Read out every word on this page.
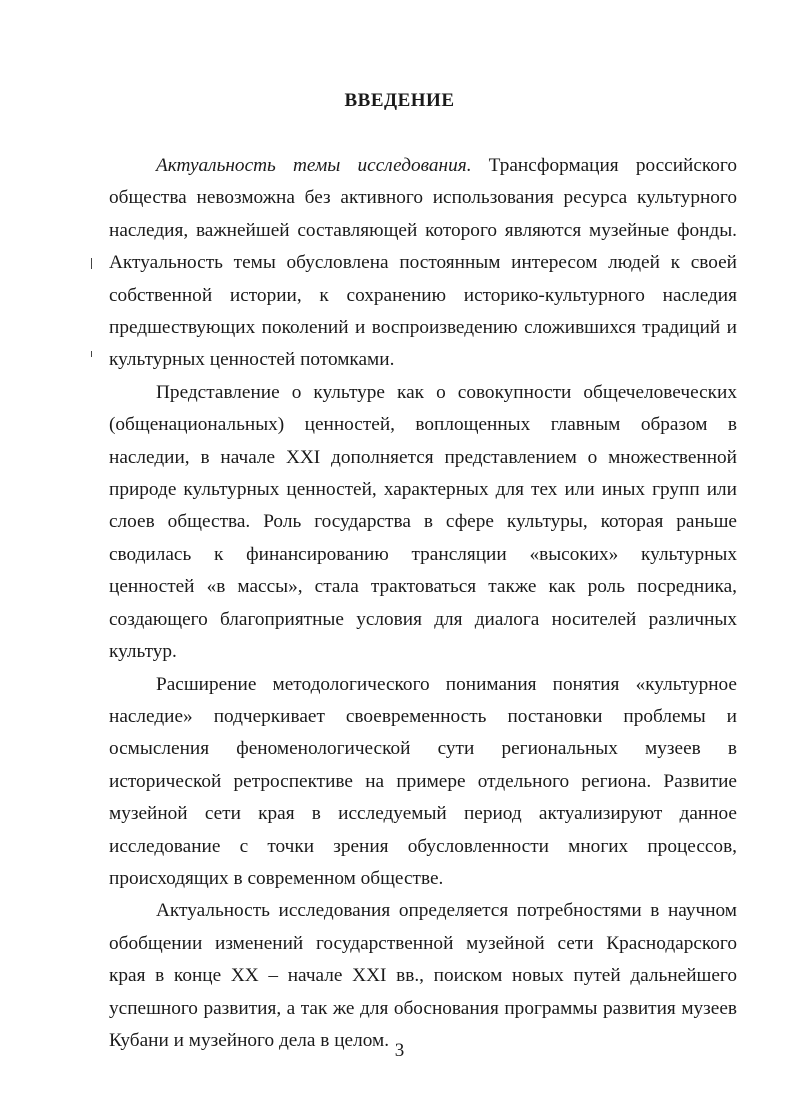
ВВЕДЕНИЕ

Актуальность темы исследования. Трансформация российского общества невозможна без активного использования ресурса культурного наследия, важнейшей составляющей которого являются музейные фонды. Актуальность темы обусловлена постоянным интересом людей к своей собственной истории, к сохранению историко-культурного наследия предшествующих поколений и воспроизведению сложившихся традиций и культурных ценностей потомками.

Представление о культуре как о совокупности общечеловеческих (общенациональных) ценностей, воплощенных главным образом в наследии, в начале XXI дополняется представлением о множественной природе культурных ценностей, характерных для тех или иных групп или слоев общества. Роль государства в сфере культуры, которая раньше сводилась к финансированию трансляции «высоких» культурных ценностей «в массы», стала трактоваться также как роль посредника, создающего благоприятные условия для диалога носителей различных культур.

Расширение методологического понимания понятия «культурное наследие» подчеркивает своевременность постановки проблемы и осмысления феноменологической сути региональных музеев в исторической ретроспективе на примере отдельного региона. Развитие музейной сети края в исследуемый период актуализируют данное исследование с точки зрения обусловленности многих процессов, происходящих в современном обществе.

Актуальность исследования определяется потребностями в научном обобщении изменений государственной музейной сети Краснодарского края в конце XX – начале XXI вв., поиском новых путей дальнейшего успешного развития, а так же для обоснования программы развития музеев Кубани и музейного дела в целом. 3
